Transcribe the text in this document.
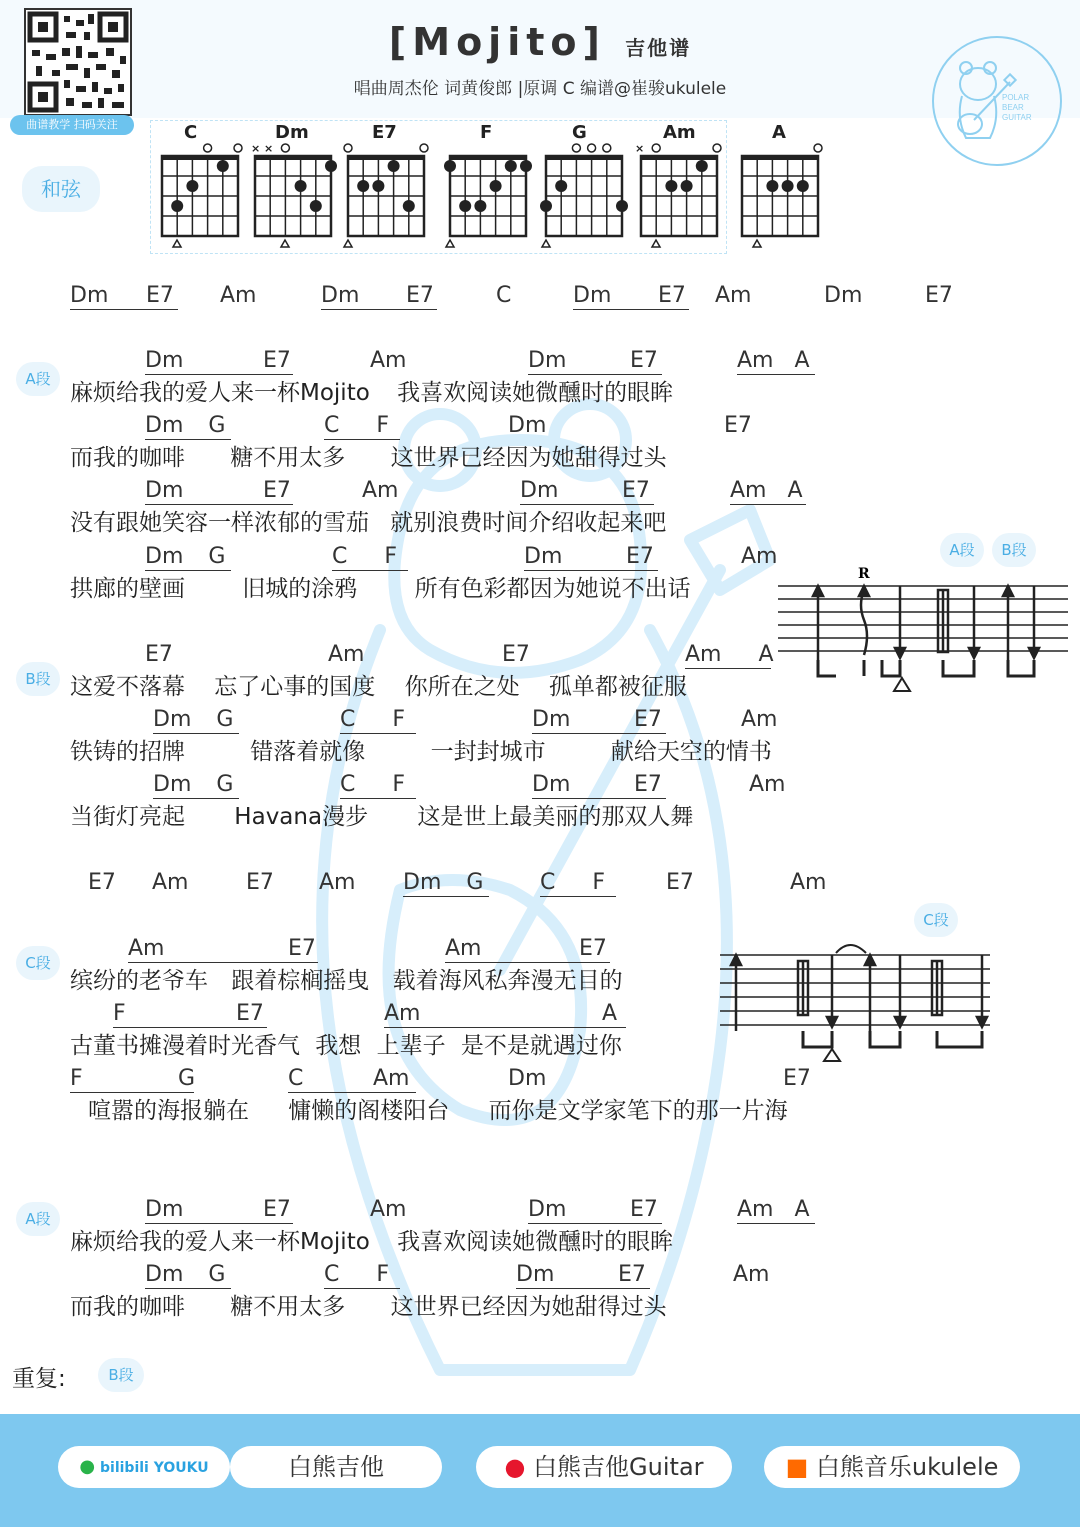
曲谱教学 扫码关注
[Mojito] 吉他谱
唱曲周杰伦 词黄俊郎 |原调 C 编谱@崔骏ukulele	POLAR
BEAR
GUITAR
和弦
C
× ×
Dm	E7	F	G
×
Am	A
Dm	E7 Am	Dm	E7	C	Dm	E7 Am	Dm	E7
A段
B段
C段
A段
A段	B段
C段
Dm	E7	Am	Dm	E7	Am A
麻烦给我的爱人来一杯Mojito 我喜欢阅读她微醺时的眼眸
Dm G	C F	Dm	E7
而我的咖啡 糖不用太多 这世界已经因为她甜得过头
Dm	E7	Am	Dm	E7	Am A
没有跟她笑容一样浓郁的雪茄 就别浪费时间介绍收起来吧
Dm G	C F	Dm	E7	Am
拱廊的壁画 旧城的涂鸦 所有色彩都因为她说不出话
R
E7	Am	E7	Am A
这爱不落幕 忘了心事的国度 你所在之处 孤单都被征服
Dm G	C F	Dm	E7	Am
铁铸的招牌 错落着就像 一封封城市 献给天空的情书
Dm G	C F	Dm	E7	Am
当街灯亮起 Havana漫步 这是世上最美丽的那双人舞
E7 Am	E7 Am Dm G	C F	E7	Am
Am	E7	Am	E7
缤纷的老爷车 跟着棕榈摇曳 载着海风私奔漫无目的
F	E7	Am	A
古董书摊漫着时光香气 我想 上辈子 是不是就遇过你
F	G	C	Am	Dm	E7
喧嚣的海报躺在 慵懒的阁楼阳台 而你是文学家笔下的那一片海
Dm	E7	Am	Dm	E7	Am A
麻烦给我的爱人来一杯Mojito 我喜欢阅读她微醺时的眼眸
Dm G	C F	Dm	E7	Am
而我的咖啡 糖不用太多 这世界已经因为她甜得过头
重复:	B段
● bilibili YOUKU	白熊吉他	● 白熊吉他Guitar	■ 白熊音乐ukulele
